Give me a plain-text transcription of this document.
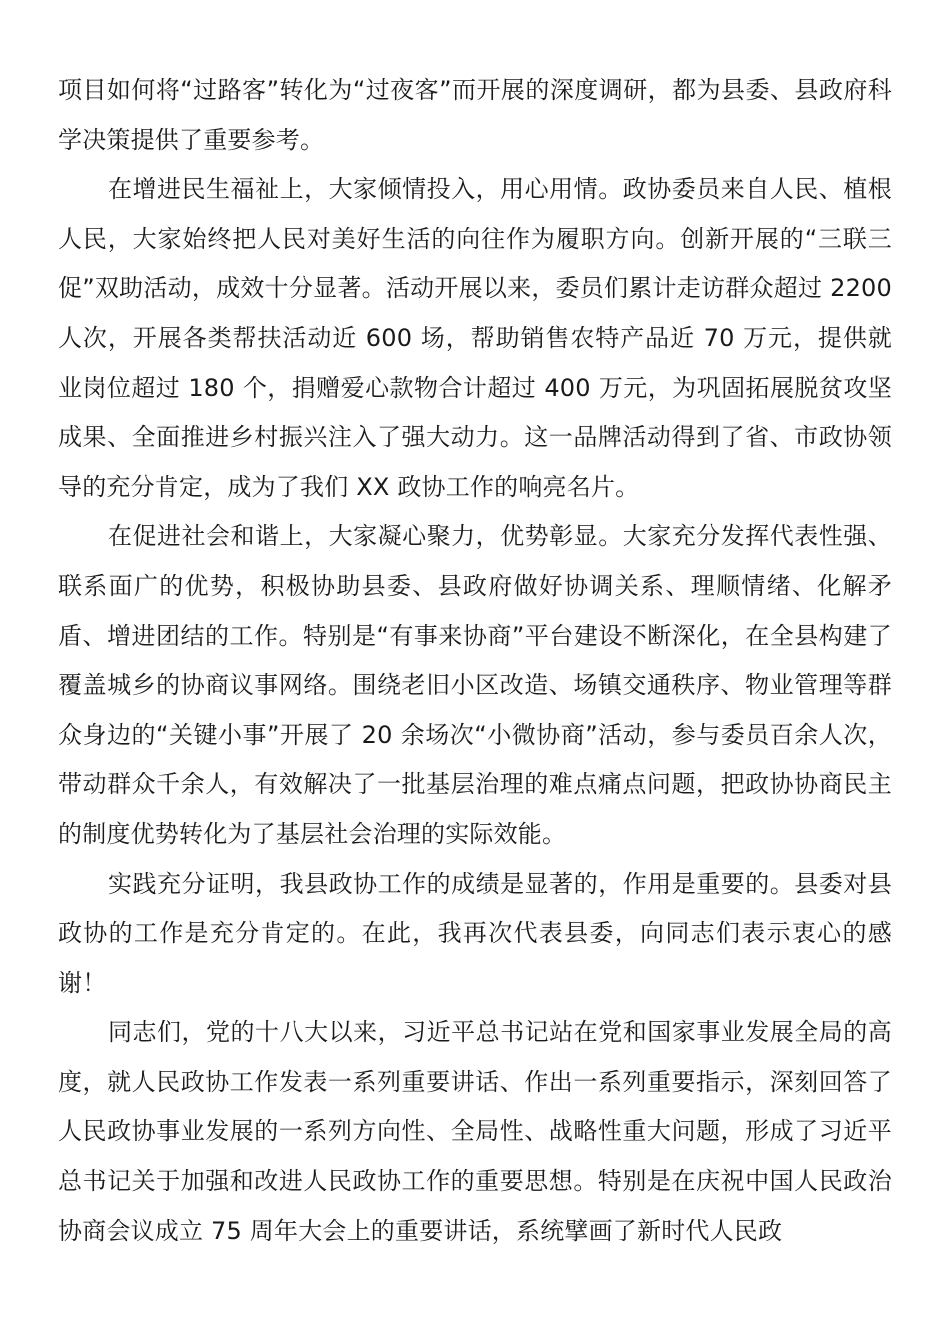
项目如何将“过路客”转化为“过夜客”而开展的深度调研，都为县委、县政府科学决策提供了重要参考。

在增进民生福祉上，大家倾情投入，用心用情。政协委员来自人民、植根人民，大家始终把人民对美好生活的向往作为履职方向。创新开展的“三联三促”双助活动，成效十分显著。活动开展以来，委员们累计走访群众超过 2200 人次，开展各类帮扶活动近 600 场，帮助销售农特产品近 70 万元，提供就业岗位超过 180 个，捐赠爱心款物合计超过 400 万元，为巩固拓展脱贫攻坚成果、全面推进乡村振兴注入了强大动力。这一品牌活动得到了省、市政协领导的充分肯定，成为了我们 XX 政协工作的响亮名片。

在促进社会和谐上，大家凝心聚力，优势彰显。大家充分发挥代表性强、联系面广的优势，积极协助县委、县政府做好协调关系、理顺情绪、化解矛盾、增进团结的工作。特别是“有事来协商”平台建设不断深化，在全县构建了覆盖城乡的协商议事网络。围绕老旧小区改造、场镇交通秩序、物业管理等群众身边的“关键小事”开展了 20 余场次“小微协商”活动，参与委员百余人次，带动群众千余人，有效解决了一批基层治理的难点痛点问题，把政协协商民主的制度优势转化为了基层社会治理的实际效能。

实践充分证明，我县政协工作的成绩是显著的，作用是重要的。县委对县政协的工作是充分肯定的。在此，我再次代表县委，向同志们表示衷心的感谢！

同志们，党的十八大以来，习近平总书记站在党和国家事业发展全局的高度，就人民政协工作发表一系列重要讲话、作出一系列重要指示，深刻回答了人民政协事业发展的一系列方向性、全局性、战略性重大问题，形成了习近平总书记关于加强和改进人民政协工作的重要思想。特别是在庆祝中国人民政治协商会议成立 75 周年大会上的重要讲话，系统擘画了新时代人民政
